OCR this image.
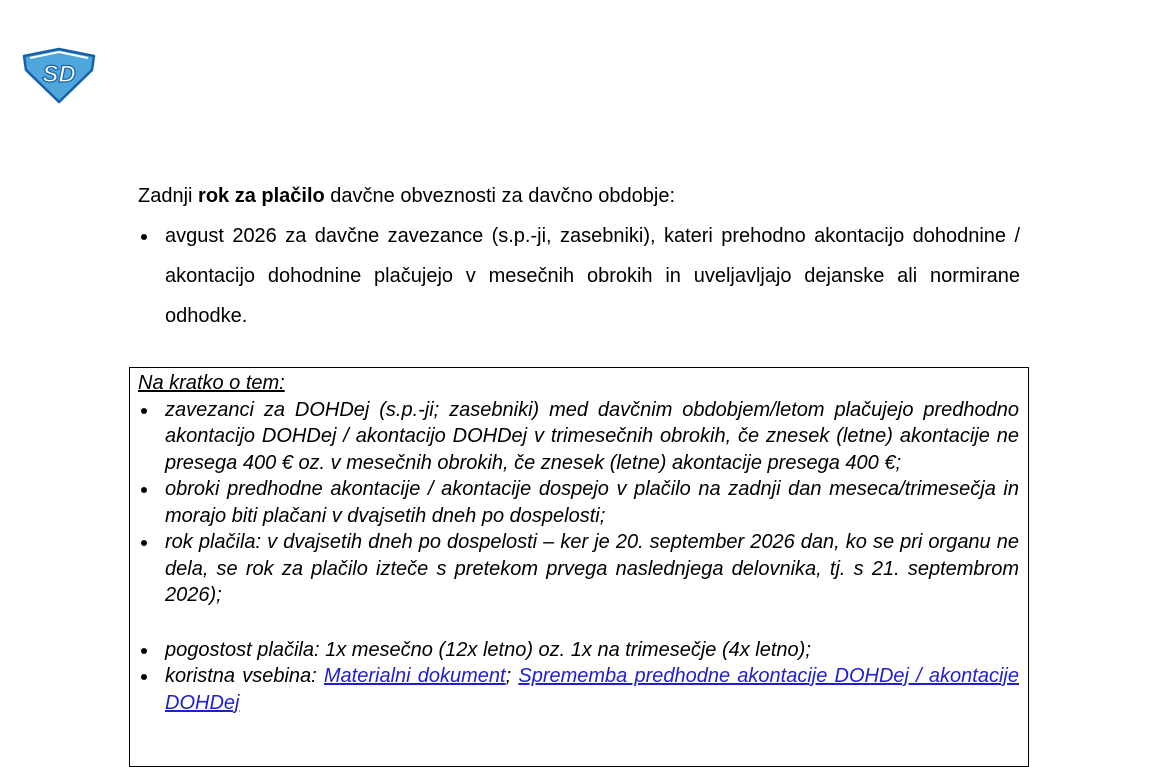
SD

Zadnji rok za plačilo davčne obveznosti za davčno obdobje:

avgust 2026 za davčne zavezance (s.p.-ji, zasebniki), kateri prehodno akontacijo dohodnine / akontacijo dohodnine plačujejo v mesečnih obrokih in uveljavljajo dejanske ali normirane odhodke.

Na kratko o tem:

zavezanci za DOHDej (s.p.-ji; zasebniki) med davčnim obdobjem/letom plačujejo predhodno akontacijo DOHDej / akontacijo DOHDej v trimesečnih obrokih, če znesek (letne) akontacije ne presega 400 € oz. v mesečnih obrokih, če znesek (letne) akontacije presega 400 €;
obroki predhodne akontacije / akontacije dospejo v plačilo na zadnji dan meseca/trimesečja in morajo biti plačani v dvajsetih dneh po dospelosti;
rok plačila: v dvajsetih dneh po dospelosti – ker je 20. september 2026 dan, ko se pri organu ne dela, se rok za plačilo izteče s pretekom prvega naslednjega delovnika, tj. s 21. septembrom 2026);
pogostost plačila: 1x mesečno (12x letno) oz. 1x na trimesečje (4x letno);
koristna vsebina: Materialni dokument; Sprememba predhodne akontacije DOHDej / akontacije DOHDej
